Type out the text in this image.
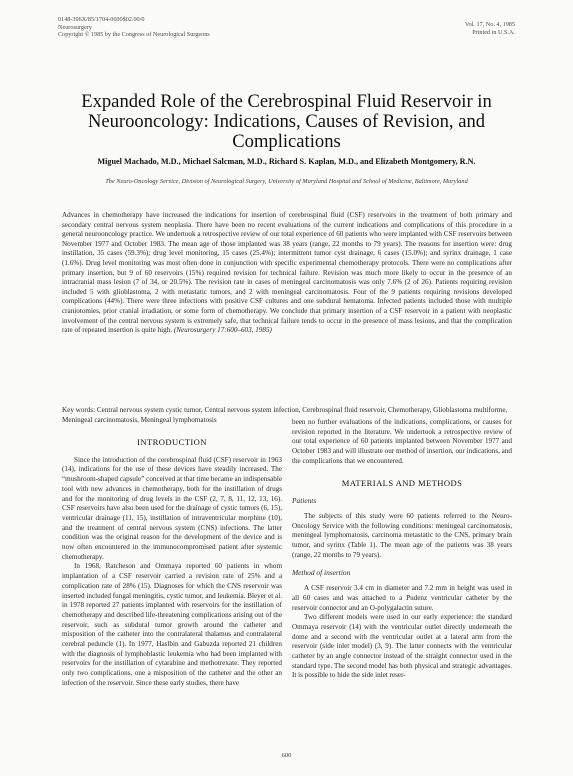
0148-396X/85/1704-0600$02.00/0
Neurosurgery
Copyright © 1985 by the Congress of Neurological Surgeons
Vol. 17, No. 4, 1985
Printed in U.S.A.
Expanded Role of the Cerebrospinal Fluid Reservoir in
Neurooncology: Indications, Causes of Revision, and
Complications
Miguel Machado, M.D., Michael Salcman, M.D., Richard S. Kaplan, M.D., and Elizabeth Montgomery, R.N.
The Neuro-Oncology Service, Division of Neurological Surgery, University of Maryland Hospital and School of Medicine, Baltimore, Maryland
Advances in chemotherapy have increased the indications for insertion of cerebrospinal fluid (CSF) reservoirs in the treatment of both primary and secondary central nervous system neoplasia. There have been no recent evaluations of the current indications and complications of this procedure in a general neurooncology practice. We undertook a retrospective review of our total experience of 60 patients who were implanted with CSF reservoirs between November 1977 and October 1983. The mean age of those implanted was 38 years (range, 22 months to 79 years). The reasons for insertion were: drug instillation, 35 cases (59.3%); drug level monitoring, 15 cases (25.4%); intermittent tumor cyst drainage, 6 cases (15.0%); and syrinx drainage, 1 case (1.6%). Drug level monitoring was most often done in conjunction with specific experimental chemotherapy protocols. There were no complications after primary insertion, but 9 of 60 reservoirs (15%) required revision for technical failure. Revision was much more likely to occur in the presence of an intracranial mass lesion (7 of 34, or 20.5%). The revision rate in cases of meningeal carcinomatosis was only 7.6% (2 of 26). Patients requiring revision included 5 with glioblastoma, 2 with metastatic tumors, and 2 with meningeal carcinomatosis. Four of the 9 patients requiring revisions developed complications (44%). There were three infections with positive CSF cultures and one subdural hematoma. Infected patients included those with multiple craniotomies, prior cranial irradiation, or some form of chemotherapy. We conclude that primary insertion of a CSF reservoir in a patient with neoplastic involvement of the central nervous system is extremely safe, that technical failure tends to occur in the presence of mass lesions, and that the complication rate of repeated insertion is quite high. (Neurosurgery 17:600–603, 1985)
Key words: Central nervous system cystic tumor, Central nervous system infection, Cerebrospinal fluid reservoir, Chemotherapy, Glioblastoma multiforme, Meningeal carcinomatosis, Meningeal lymphomatosis
INTRODUCTION

Since the introduction of the cerebrospinal fluid (CSF) reservoir in 1963 (14), indications for the use of these devices have steadily increased. The “mushroom-shaped capsule” conceived at that time became an indispensable tool with new advances in chemotherapy, both for the instillation of drugs and for the monitoring of drug levels in the CSF (2, 7, 8, 11, 12, 13, 16). CSF reservoirs have also been used for the drainage of cystic tumors (6, 15), ventricular drainage (11, 15), instillation of intraventricular morphine (10), and the treatment of central nervous system (CNS) infections. The latter condition was the original reason for the development of the device and is now often encountered in the immunocompromised patient after systemic chemotherapy.

In 1968, Ratcheson and Ommaya reported 60 patients in whom implantation of a CSF reservoir carried a revision rate of 25% and a complication rate of 28% (15). Diagnoses for which the CNS reservoir was inserted included fungal meningitis, cystic tumor, and leukemia. Bleyer et al. in 1978 reported 27 patients implanted with reservoirs for the instillation of chemotherapy and described life-threatening complications arising out of the reservoir, such as subdural tumor growth around the catheter and misposition of the catheter into the contralateral thalamus and contralateral cerebral peduncle (1). In 1977, Haslbin and Gabuzda reported 21 children with the diagnosis of lymphoblastic leukemia who had been implanted with reservoirs for the instillation of cytarabine and methotrexate. They reported only two complications, one a misposition of the catheter and the other an infection of the reservoir. Since these early studies, there have

been no further evaluations of the indications, complications, or causes for revision reported in the literature. We undertook a retrospective review of our total experience of 60 patients implanted between November 1977 and October 1983 and will illustrate our method of insertion, our indications, and the complications that we encountered.

MATERIALS AND METHODS
Patients

The subjects of this study were 60 patients referred to the Neuro-Oncology Service with the following conditions: meningeal carcinomatosis, meningeal lymphomatosis, carcinoma metastatic to the CNS, primary brain tumor, and syrinx (Table 1). The mean age of the patients was 38 years (range, 22 months to 79 years).

Method of insertion

A CSF reservoir 3.4 cm in diameter and 7.2 mm in height was used in all 60 cases and was attached to a Pudenz ventricular catheter by the reservoir connector and an O-polygalactin suture.

Two different models were used in our early experience: the standard Ommaya reservoir (14) with the ventricular outlet directly underneath the dome and a second with the ventricular outlet at a lateral arm from the reservoir (side inlet model) (3, 9). The latter connects with the ventricular catheter by an angle connector instead of the straight connector used in the standard type. The second model has both physical and strategic advantages. It is possible to hide the side inlet reser-

600
